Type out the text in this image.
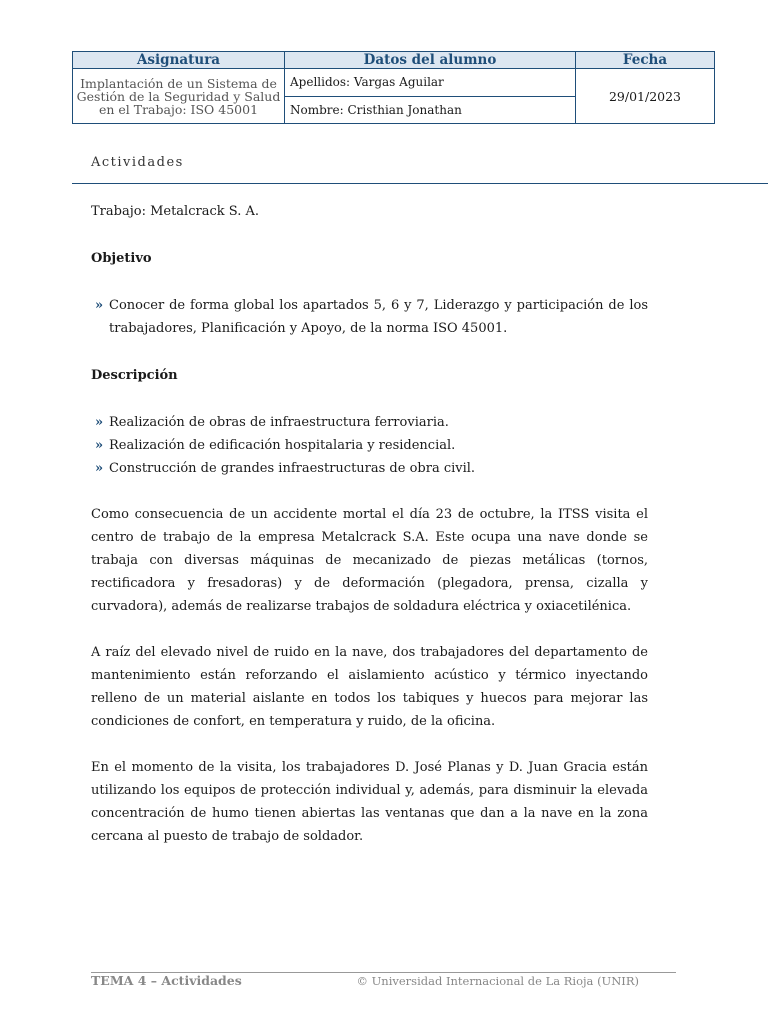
Asignatura	Datos del alumno	Fecha
Implantación de un Sistema de Gestión de la Seguridad y Salud en el Trabajo: ISO 45001	Apellidos: Vargas Aguilar	29/01/2023
	Nombre: Cristhian Jonathan	
Actividades

Trabajo: Metalcrack S. A.

Objetivo

» Conocer de forma global los apartados 5, 6 y 7, Liderazgo y participación de los trabajadores, Planificación y Apoyo, de la norma ISO 45001.

Descripción

» Realización de obras de infraestructura ferroviaria.
» Realización de edificación hospitalaria y residencial.
» Construcción de grandes infraestructuras de obra civil.

Como consecuencia de un accidente mortal el día 23 de octubre, la ITSS visita el centro de trabajo de la empresa Metalcrack S.A. Este ocupa una nave donde se trabaja con diversas máquinas de mecanizado de piezas metálicas (tornos, rectificadora y fresadoras) y de deformación (plegadora, prensa, cizalla y curvadora), además de realizarse trabajos de soldadura eléctrica y oxiacetilénica.

A raíz del elevado nivel de ruido en la nave, dos trabajadores del departamento de mantenimiento están reforzando el aislamiento acústico y térmico inyectando relleno de un material aislante en todos los tabiques y huecos para mejorar las condiciones de confort, en temperatura y ruido, de la oficina.

En el momento de la visita, los trabajadores D. José Planas y D. Juan Gracia están utilizando los equipos de protección individual y, además, para disminuir la elevada concentración de humo tienen abiertas las ventanas que dan a la nave en la zona cercana al puesto de trabajo de soldador.

TEMA 4 – Actividades	© Universidad Internacional de La Rioja (UNIR)
